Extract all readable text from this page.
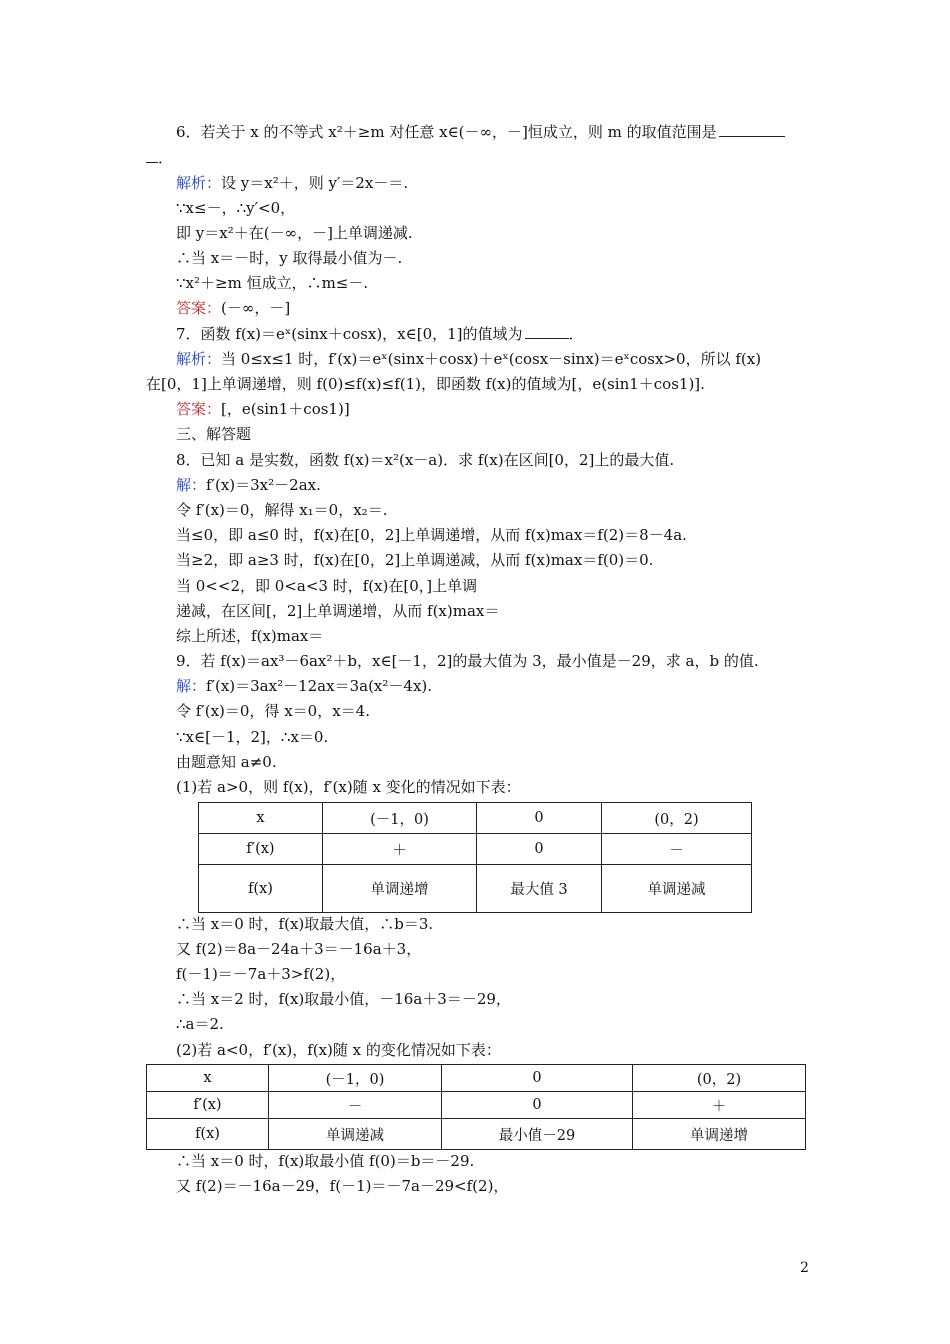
6．若关于 x 的不等式 x²＋≥m 对任意 x∈(－∞，－]恒成立，则 m 的取值范围是
．
解析：设 y＝x²＋，则 y′＝2x－＝.
∵x≤－，∴y′<0，
即 y＝x²＋在(－∞，－]上单调递减.
∴当 x＝－时，y 取得最小值为－.
∵x²＋≥m 恒成立，∴m≤－.
答案：(－∞，－]
7．函数 f(x)＝eˣ(sinx＋cosx)，x∈[0，1]的值域为	．
解析：当 0≤x≤1 时，f′(x)＝eˣ(sinx＋cosx)＋eˣ(cosx－sinx)＝eˣcosx>0，所以 f(x)
在[0，1]上单调递增，则 f(0)≤f(x)≤f(1)，即函数 f(x)的值域为[，e(sin1＋cos1)].
答案：[，e(sin1＋cos1)]
三、解答题
8．已知 a 是实数，函数 f(x)＝x²(x－a)．求 f(x)在区间[0，2]上的最大值.
解：f′(x)＝3x²－2ax.
令 f′(x)＝0，解得 x₁＝0，x₂＝.
当≤0，即 a≤0 时，f(x)在[0，2]上单调递增，从而 f(x)max＝f(2)＝8－4a.
当≥2，即 a≥3 时，f(x)在[0，2]上单调递减，从而 f(x)max＝f(0)＝0.
当 0<<2，即 0<a<3 时，f(x)在[0，]上单调
递减，在区间[，2]上单调递增，从而 f(x)max＝
综上所述，f(x)max＝
9．若 f(x)＝ax³－6ax²＋b，x∈[－1，2]的最大值为 3，最小值是－29，求 a，b 的值.
解：f′(x)＝3ax²－12ax＝3a(x²－4x).
令 f′(x)＝0，得 x＝0，x＝4.
∵x∈[－1，2]，∴x＝0.
由题意知 a≠0.
(1)若 a>0，则 f(x)，f′(x)随 x 变化的情况如下表：
x	(－1，0)	0	(0，2)
f′(x)	＋	0	－
f(x)	单调递增	最大值 3	单调递减
∴当 x＝0 时，f(x)取最大值，∴b＝3.
又 f(2)＝8a－24a＋3＝－16a＋3，
f(－1)＝－7a＋3>f(2)，
∴当 x＝2 时，f(x)取最小值，－16a＋3＝－29，
∴a＝2.
(2)若 a<0，f′(x)，f(x)随 x 的变化情况如下表：
x	(－1，0)	0	(0，2)
f′(x)	－	0	＋
f(x)	单调递减	最小值－29	单调递增
∴当 x＝0 时，f(x)取最小值 f(0)＝b＝－29.
又 f(2)＝－16a－29，f(－1)＝－7a－29<f(2)，
2
